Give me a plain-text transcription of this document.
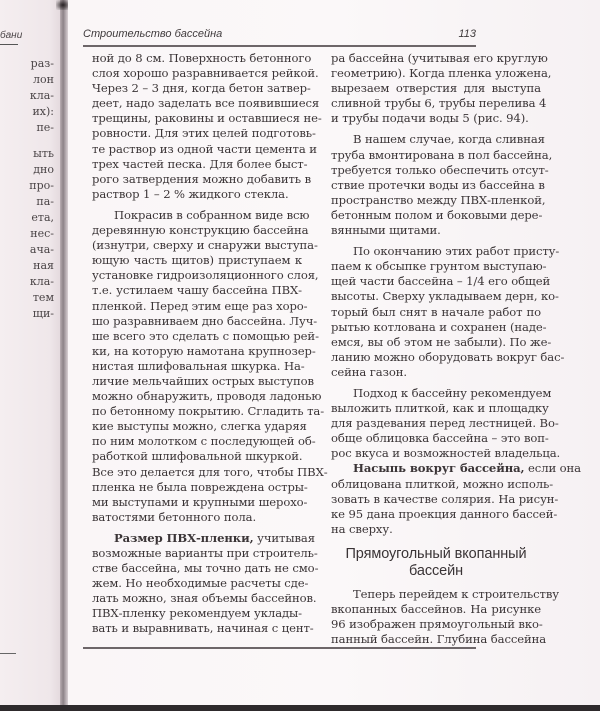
бани
раз-
лон
кла-
их):
пе-
ыть
дно
про-
па-
ета,
нес-
ача-
ная
кла-
тем
щи-
Строительство бассейна	113
ной до 8 см. Поверхность бетонного
слоя хорошо разравнивается рейкой.
Через 2 – 3 дня, когда бетон затвер-
деет, надо заделать все появившиеся
трещины, раковины и оставшиеся не-
ровности. Для этих целей подготовь-
те раствор из одной части цемента и
трех частей песка. Для более быст-
рого затвердения можно добавить в
раствор 1 – 2 % жидкого стекла.
Покрасив в собранном виде всю
деревянную конструкцию бассейна
(изнутри, сверху и снаружи выступа-
ющую часть щитов) приступаем к
установке гидроизоляционного слоя,
т.е. устилаем чашу бассейна ПВХ-
пленкой. Перед этим еще раз хоро-
шо разравниваем дно бассейна. Луч-
ше всего это сделать с помощью рей-
ки, на которую намотана крупнозер-
нистая шлифовальная шкурка. На-
личие мельчайших острых выступов
можно обнаружить, проводя ладонью
по бетонному покрытию. Сгладить та-
кие выступы можно, слегка ударяя
по ним молотком с последующей об-
работкой шлифовальной шкуркой.
Все это делается для того, чтобы ПВХ-
пленка не была повреждена остры-
ми выступами и крупными шерохо-
ватостями бетонного пола.
Размер ПВХ-пленки, учитывая
возможные варианты при строитель-
стве бассейна, мы точно дать не смо-
жем. Но необходимые расчеты сде-
лать можно, зная объемы бассейнов.
ПВХ-пленку рекомендуем уклады-
вать и выравнивать, начиная с цент-
ра бассейна (учитывая его круглую
геометрию). Когда пленка уложена,
вырезаем отверстия для выступа
сливной трубы 6, трубы перелива 4
и трубы подачи воды 5 (рис. 94).
В нашем случае, когда сливная
труба вмонтирована в пол бассейна,
требуется только обеспечить отсут-
ствие протечки воды из бассейна в
пространство между ПВХ-пленкой,
бетонным полом и боковыми дере-
вянными щитами.
По окончанию этих работ присту-
паем к обсыпке грунтом выступаю-
щей части бассейна – 1/4 его общей
высоты. Сверху укладываем дерн, ко-
торый был снят в начале работ по
рытью котлована и сохранен (наде-
емся, вы об этом не забыли). По же-
ланию можно оборудовать вокруг бас-
сейна газон.
Подход к бассейну рекомендуем
выложить плиткой, как и площадку
для раздевания перед лестницей. Во-
обще облицовка бассейна – это воп-
рос вкуса и возможностей владельца.
Насыпь вокруг бассейна, если она
облицована плиткой, можно исполь-
зовать в качестве солярия. На рисун-
ке 95 дана проекция данного бассей-
на сверху.
Прямоугольный вкопанный
бассейн
Теперь перейдем к строительству
вкопанных бассейнов. На рисунке
96 изображен прямоугольный вко-
панный бассейн. Глубина бассейна
